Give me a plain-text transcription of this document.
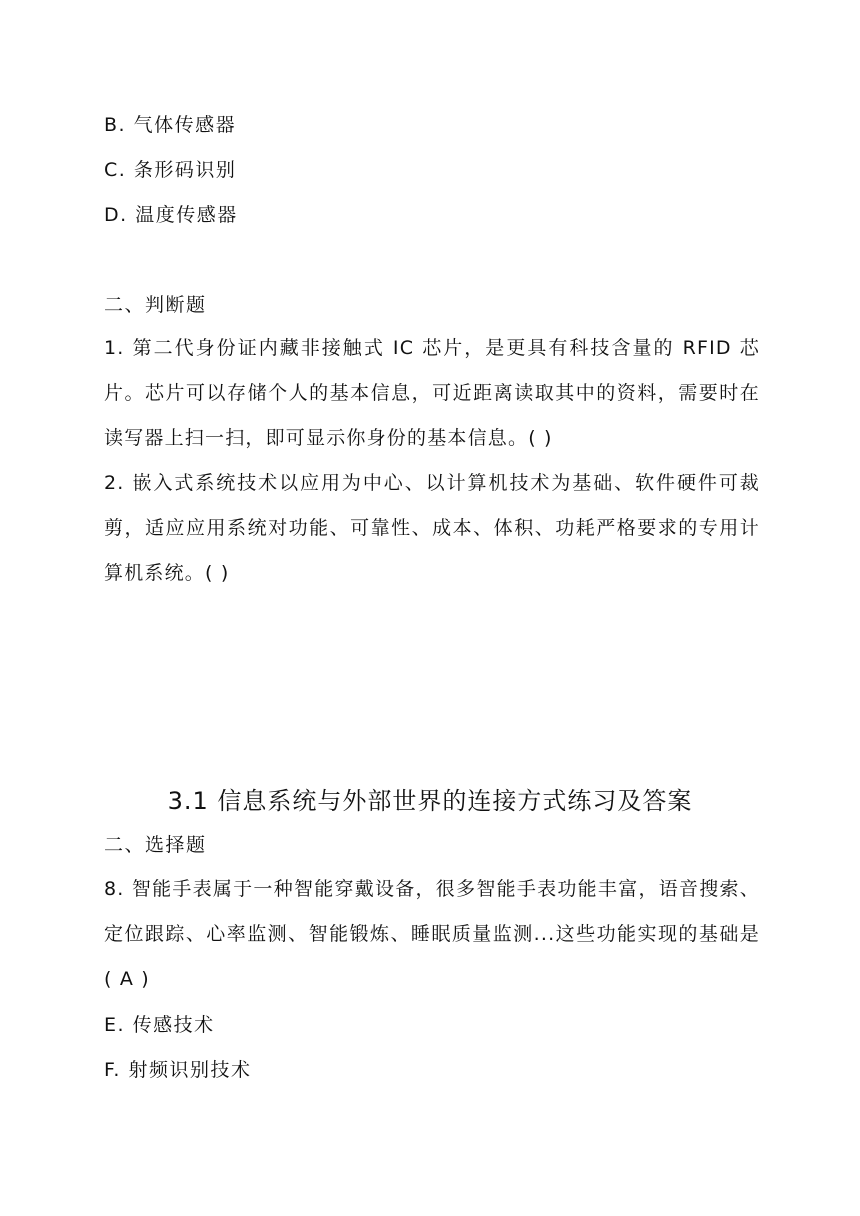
B. 气体传感器
C. 条形码识别
D. 温度传感器
二、判断题
1. 第二代身份证内藏非接触式 IC 芯片，是更具有科技含量的 RFID 芯片。芯片可以存储个人的基本信息，可近距离读取其中的资料，需要时在读写器上扫一扫，即可显示你身份的基本信息。( )
2. 嵌入式系统技术以应用为中心、以计算机技术为基础、软件硬件可裁剪，适应应用系统对功能、可靠性、成本、体积、功耗严格要求的专用计算机系统。( )
3.1 信息系统与外部世界的连接方式练习及答案
二、选择题
8. 智能手表属于一种智能穿戴设备，很多智能手表功能丰富，语音搜索、定位跟踪、心率监测、智能锻炼、睡眠质量监测...这些功能实现的基础是 ( A )
E. 传感技术
F. 射频识别技术
